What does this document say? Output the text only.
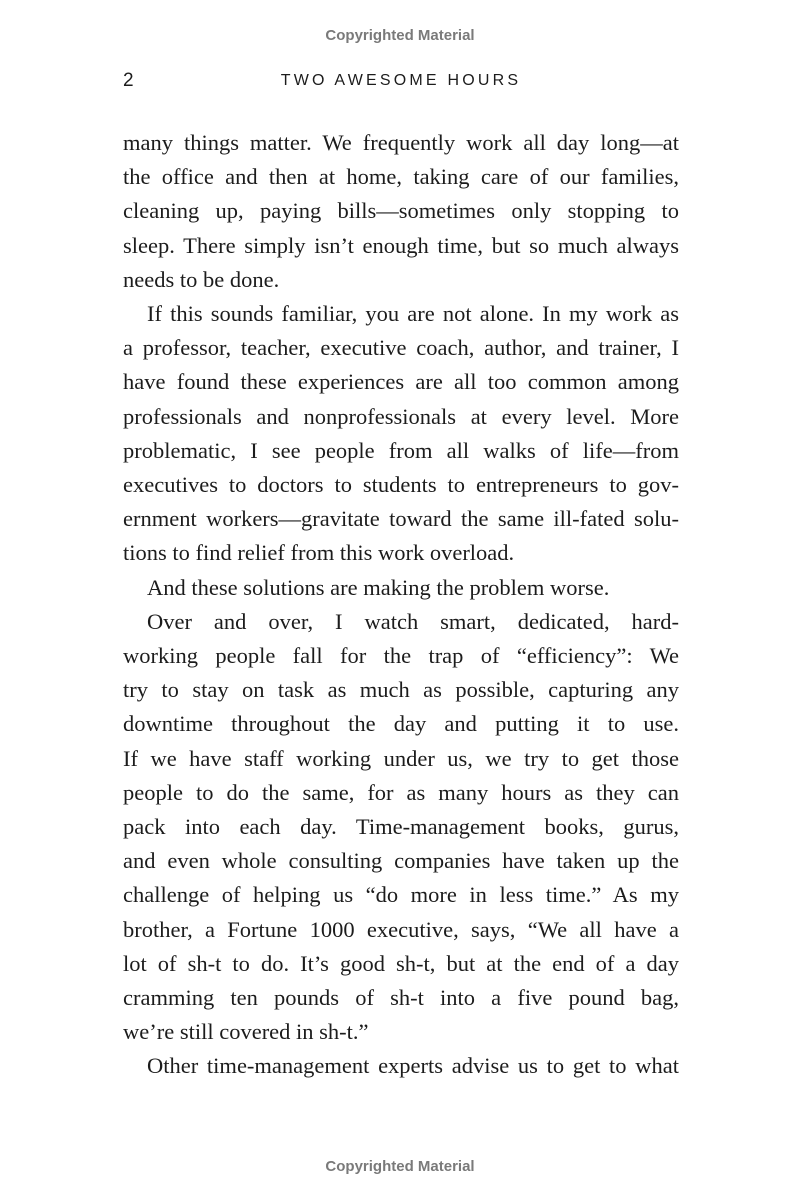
Copyrighted Material
2	TWO AWESOME HOURS
many things matter. We frequently work all day long—at
the office and then at home, taking care of our families,
cleaning up, paying bills—sometimes only stopping to
sleep. There simply isn’t enough time, but so much always
needs to be done.
If this sounds familiar, you are not alone. In my work as
a professor, teacher, executive coach, author, and trainer, I
have found these experiences are all too common among
professionals and nonprofessionals at every level. More
problematic, I see people from all walks of life—from
executives to doctors to students to entrepreneurs to gov-
ernment workers—gravitate toward the same ill-fated solu-
tions to find relief from this work overload.
And these solutions are making the problem worse.
Over and over, I watch smart, dedicated, hard-
working people fall for the trap of “efficiency”: We
try to stay on task as much as possible, capturing any
downtime throughout the day and putting it to use.
If we have staff working under us, we try to get those
people to do the same, for as many hours as they can
pack into each day. Time-management books, gurus,
and even whole consulting companies have taken up the
challenge of helping us “do more in less time.” As my
brother, a Fortune 1000 executive, says, “We all have a
lot of sh-t to do. It’s good sh-t, but at the end of a day
cramming ten pounds of sh-t into a five pound bag,
we’re still covered in sh-t.”
Other time-management experts advise us to get to what
Copyrighted Material
